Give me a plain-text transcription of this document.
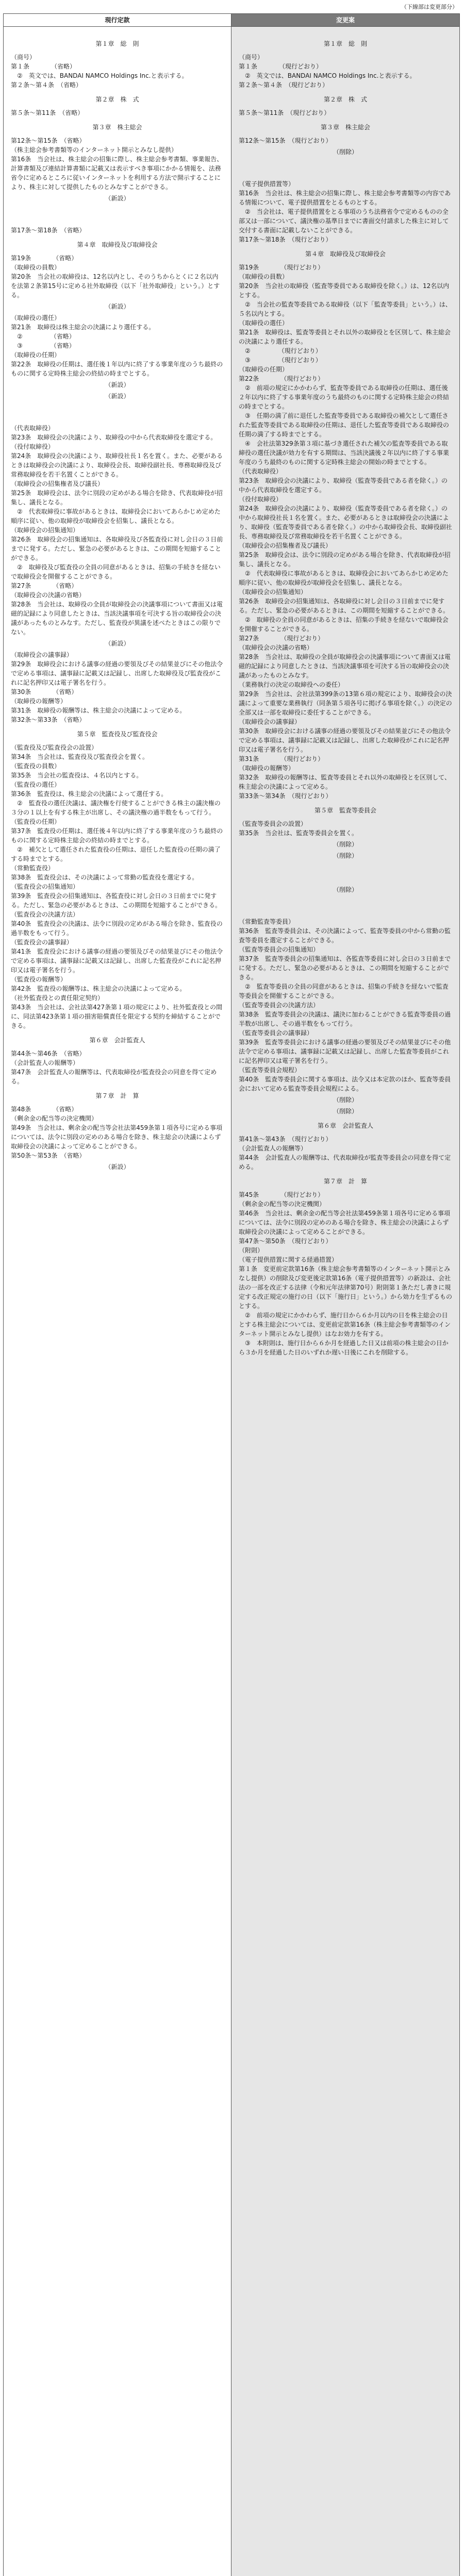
（下線部は変更部分）
現行定款
第１章　総　則
（商号）
第１条　　　　（省略）
　②　英文では、BANDAI NAMCO Holdings Inc.と表示する。
第２条〜第４条　（省略）
第２章　株　式
第５条〜第11条　（省略）
第３章　株主総会
第12条〜第15条　（省略）
（株主総会参考書類等のインターネット開示とみなし提供）
第16条　当会社は、株主総会の招集に際し、株主総会参考書類、事業報告、計算書類及び連結計算書類に記載又は表示すべき事項にかかる情報を、法務省令に定めるところに従いインターネットを利用する方法で開示することにより、株主に対して提供したものとみなすことができる。
（新設）
第17条〜第18条　（省略）
第４章　取締役及び取締役会
第19条　　　　（省略）
（取締役の員数）
第20条　当会社の取締役は、12名以内とし、そのうちからとくに２名以内を法第２条第15号に定める社外取締役（以下「社外取締役」という。）とする。
（新設）
（取締役の選任）
第21条　取締役は株主総会の決議により選任する。
　②　　　　　（省略）
　③　　　　　（省略）
（取締役の任期）
第22条　取締役の任期は、選任後１年以内に終了する事業年度のうち最終のものに関する定時株主総会の終結の時までとする。
（新設）
（新設）
（代表取締役）
第23条　取締役会の決議により、取締役の中から代表取締役を選定する。
（役付取締役）
第24条　取締役会の決議により、取締役社長１名を置く。また、必要があるときは取締役会の決議により、取締役会長、取締役副社長、専務取締役及び常務取締役を若干名置くことができる。
（取締役会の招集権者及び議長）
第25条　取締役会は、法令に別段の定めがある場合を除き、代表取締役が招集し、議長となる。
　②　代表取締役に事故があるときは、取締役会においてあらかじめ定めた順序に従い、他の取締役が取締役会を招集し、議長となる。
（取締役会の招集通知）
第26条　取締役会の招集通知は、各取締役及び各監査役に対し会日の３日前までに発する。ただし、緊急の必要があるときは、この期間を短縮することができる。
　②　取締役及び監査役の全員の同意があるときは、招集の手続きを経ないで取締役会を開催することができる。
第27条　　　　（省略）
（取締役会の決議の省略）
第28条　当会社は、取締役の全員が取締役会の決議事項について書面又は電磁的記録により同意したときは、当該決議事項を可決する旨の取締役会の決議があったものとみなす。ただし、監査役が異議を述べたときはこの限りでない。
（新設）
（取締役会の議事録）
第29条　取締役会における議事の経過の要領及びその結果並びにその他法令で定める事項は、議事録に記載又は記録し、出席した取締役及び監査役がこれに記名押印又は電子署名を行う。
第30条　　　　（省略）
（取締役の報酬等）
第31条　取締役の報酬等は、株主総会の決議によって定める。
第32条〜第33条　（省略）
第５章　監査役及び監査役会
（監査役及び監査役会の設置）
第34条　当会社は、監査役及び監査役会を置く。
（監査役の員数）
第35条　当会社の監査役は、４名以内とする。
（監査役の選任）
第36条　監査役は、株主総会の決議によって選任する。
　②　監査役の選任決議は、議決権を行使することができる株主の議決権の３分の１以上を有する株主が出席し、その議決権の過半数をもって行う。
（監査役の任期）
第37条　監査役の任期は、選任後４年以内に終了する事業年度のうち最終のものに関する定時株主総会の終結の時までとする。
　②　補欠として選任された監査役の任期は、退任した監査役の任期の満了する時までとする。
（常勤監査役）
第38条　監査役会は、その決議によって常勤の監査役を選定する。
（監査役会の招集通知）
第39条　監査役会の招集通知は、各監査役に対し会日の３日前までに発する。ただし、緊急の必要があるときは、この期間を短縮することができる。
（監査役会の決議方法）
第40条　監査役会の決議は、法令に別段の定めがある場合を除き、監査役の過半数をもって行う。
（監査役会の議事録）
第41条　監査役会における議事の経過の要領及びその結果並びにその他法令で定める事項は、議事録に記載又は記録し、出席した監査役がこれに記名押印又は電子署名を行う。
（監査役の報酬等）
第42条　監査役の報酬等は、株主総会の決議によって定める。
（社外監査役との責任限定契約）
第43条　当会社は、会社法第427条第１項の規定により、社外監査役との間に、同法第423条第１項の損害賠償責任を限定する契約を締結することができる。
第６章　会計監査人
第44条〜第46条　（省略）
（会計監査人の報酬等）
第47条　会計監査人の報酬等は、代表取締役が監査役会の同意を得て定める。
第７章　計　算
第48条　　　　（省略）
（剰余金の配当等の決定機関）
第49条　当会社は、剰余金の配当等会社法第459条第１項各号に定める事項については、法令に別段の定めのある場合を除き、株主総会の決議によらず取締役会の決議によって定めることができる。
第50条〜第53条　（省略）
（新設）
変更案
第１章　総　則
（商号）
第１条　　　　（現行どおり）
　②　英文では、BANDAI NAMCO Holdings Inc.と表示する。
第２条〜第４条　（現行どおり）
第２章　株　式
第５条〜第11条　（現行どおり）
第３章　株主総会
第12条〜第15条　（現行どおり）
（削除）
（電子提供措置等）
第16条　当会社は、株主総会の招集に際し、株主総会参考書類等の内容である情報について、電子提供措置をとるものとする。
　②　当会社は、電子提供措置をとる事項のうち法務省令で定めるものの全部又は一部について、議決権の基準日までに書面交付請求した株主に対して交付する書面に記載しないことができる。
第17条〜第18条　（現行どおり）
第４章　取締役及び取締役会
第19条　　　　（現行どおり）
（取締役の員数）
第20条　当会社の取締役（監査等委員である取締役を除く。）は、12名以内とする。
　②　当会社の監査等委員である取締役（以下「監査等委員」という。）は、５名以内とする。
（取締役の選任）
第21条　取締役は、監査等委員とそれ以外の取締役とを区別して、株主総会の決議により選任する。
　②　　　　　（現行どおり）
　③　　　　　（現行どおり）
（取締役の任期）
第22条　　　　（現行どおり）
　②　前項の規定にかかわらず、監査等委員である取締役の任期は、選任後２年以内に終了する事業年度のうち最終のものに関する定時株主総会の終結の時までとする。
　③　任期の満了前に退任した監査等委員である取締役の補欠として選任された監査等委員である取締役の任期は、退任した監査等委員である取締役の任期の満了する時までとする。
　④　会社法第329条第３項に基づき選任された補欠の監査等委員である取締役の選任決議が効力を有する期間は、当該決議後２年以内に終了する事業年度のうち最終のものに関する定時株主総会の開始の時までとする。
（代表取締役）
第23条　取締役会の決議により、取締役（監査等委員である者を除く。）の中から代表取締役を選定する。
（役付取締役）
第24条　取締役会の決議により、取締役（監査等委員である者を除く。）の中から取締役社長１名を置く。また、必要があるときは取締役会の決議により、取締役（監査等委員である者を除く。）の中から取締役会長、取締役副社長、専務取締役及び常務取締役を若干名置くことができる。
（取締役会の招集権者及び議長）
第25条　取締役会は、法令に別段の定めがある場合を除き、代表取締役が招集し、議長となる。
　②　代表取締役に事故があるときは、取締役会においてあらかじめ定めた順序に従い、他の取締役が取締役会を招集し、議長となる。
（取締役会の招集通知）
第26条　取締役会の招集通知は、各取締役に対し会日の３日前までに発する。ただし、緊急の必要があるときは、この期間を短縮することができる。
　②　取締役の全員の同意があるときは、招集の手続きを経ないで取締役会を開催することができる。
第27条　　　　（現行どおり）
（取締役会の決議の省略）
第28条　当会社は、取締役の全員が取締役会の決議事項について書面又は電磁的記録により同意したときは、当該決議事項を可決する旨の取締役会の決議があったものとみなす。
（業務執行の決定の取締役への委任）
第29条　当会社は、会社法第399条の13第６項の規定により、取締役会の決議によって重要な業務執行（同条第５項各号に掲げる事項を除く。）の決定の全部又は一部を取締役に委任することができる。
（取締役会の議事録）
第30条　取締役会における議事の経過の要領及びその結果並びにその他法令で定める事項は、議事録に記載又は記録し、出席した取締役がこれに記名押印又は電子署名を行う。
第31条　　　　（現行どおり）
（取締役の報酬等）
第32条　取締役の報酬等は、監査等委員とそれ以外の取締役とを区別して、株主総会の決議によって定める。
第33条〜第34条　（現行どおり）
第５章　監査等委員会
（監査等委員会の設置）
第35条　当会社は、監査等委員会を置く。
（削除）
（削除）
（削除）
（常勤監査等委員）
第36条　監査等委員会は、その決議によって、監査等委員の中から常勤の監査等委員を選定することができる。
（監査等委員会の招集通知）
第37条　監査等委員会の招集通知は、各監査等委員に対し会日の３日前までに発する。ただし、緊急の必要があるときは、この期間を短縮することができる。
　②　監査等委員の全員の同意があるときは、招集の手続きを経ないで監査等委員会を開催することができる。
（監査等委員会の決議方法）
第38条　監査等委員会の決議は、議決に加わることができる監査等委員の過半数が出席し、その過半数をもって行う。
（監査等委員会の議事録）
第39条　監査等委員会における議事の経過の要領及びその結果並びにその他法令で定める事項は、議事録に記載又は記録し、出席した監査等委員がこれに記名押印又は電子署名を行う。
（監査等委員会規程）
第40条　監査等委員会に関する事項は、法令又は本定款のほか、監査等委員会において定める監査等委員会規程による。
（削除）
（削除）
第６章　会計監査人
第41条〜第43条　（現行どおり）
（会計監査人の報酬等）
第44条　会計監査人の報酬等は、代表取締役が監査等委員会の同意を得て定める。
第７章　計　算
第45条　　　　（現行どおり）
（剰余金の配当等の決定機関）
第46条　当会社は、剰余金の配当等会社法第459条第１項各号に定める事項については、法令に別段の定めのある場合を除き、株主総会の決議によらず取締役会の決議によって定めることができる。
第47条〜第50条　（現行どおり）
（附則）
（電子提供措置に関する経過措置）
第１条　変更前定款第16条（株主総会参考書類等のインターネット開示とみなし提供）の削除及び変更後定款第16条（電子提供措置等）の新設は、会社法の一部を改正する法律（令和元年法律第70号）附則第１条ただし書きに規定する改正規定の施行の日（以下「施行日」という。）から効力を生ずるものとする。
　②　前項の規定にかかわらず、施行日から６か月以内の日を株主総会の日とする株主総会については、変更前定款第16条（株主総会参考書類等のインターネット開示とみなし提供）はなお効力を有する。
　③　本附則は、施行日から６か月を経過した日又は前項の株主総会の日から３か月を経過した日のいずれか遅い日後にこれを削除する。
